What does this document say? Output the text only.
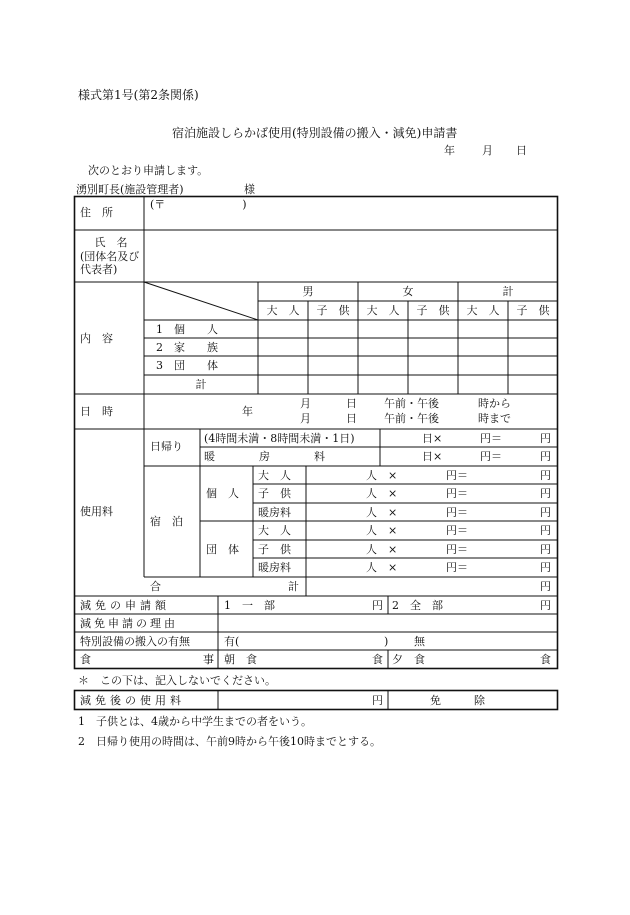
様式第1号(第2条関係)
宿泊施設しらかば使用(特別設備の搬入・減免)申請書
年 月 日
次のとおり申請します。
湧別町長(施設管理者)	様
住　所
(〒　　　　　　　)
氏　名
(団体名及び代表者)
内　容
男	女	計
大　人	子　供	大　人	子　供	大　人	子　供
1　個　　人
2　家　　族
3　団　　体
計
日　時	年
月	日 午前・午後	時から
月	日 午前・午後	時まで
使用料
日帰り
(4時間未満・8時間未満・1日)	日×	円＝	円
暖　　　　房　　　　料	日×	円＝	円
宿　泊
個　人
団　体
大　人	人　×	円＝	円
子　供	人　×	円＝	円
暖房料	人　×	円＝	円
大　人	人　×	円＝	円
子　供	人　×	円＝	円
暖房料	人　×	円＝	円
合	計	円
減免の申請額	1　一　部	円 2　全　部	円
減免申請の理由
特別設備の搬入の有無	有(	) 無
食	事 朝　食	食 夕　食	食
＊　この下は、記入しないでください。
減免後の使用料	円	免　　　除
1　子供とは、4歳から中学生までの者をいう。
2　日帰り使用の時間は、午前9時から午後10時までとする。
